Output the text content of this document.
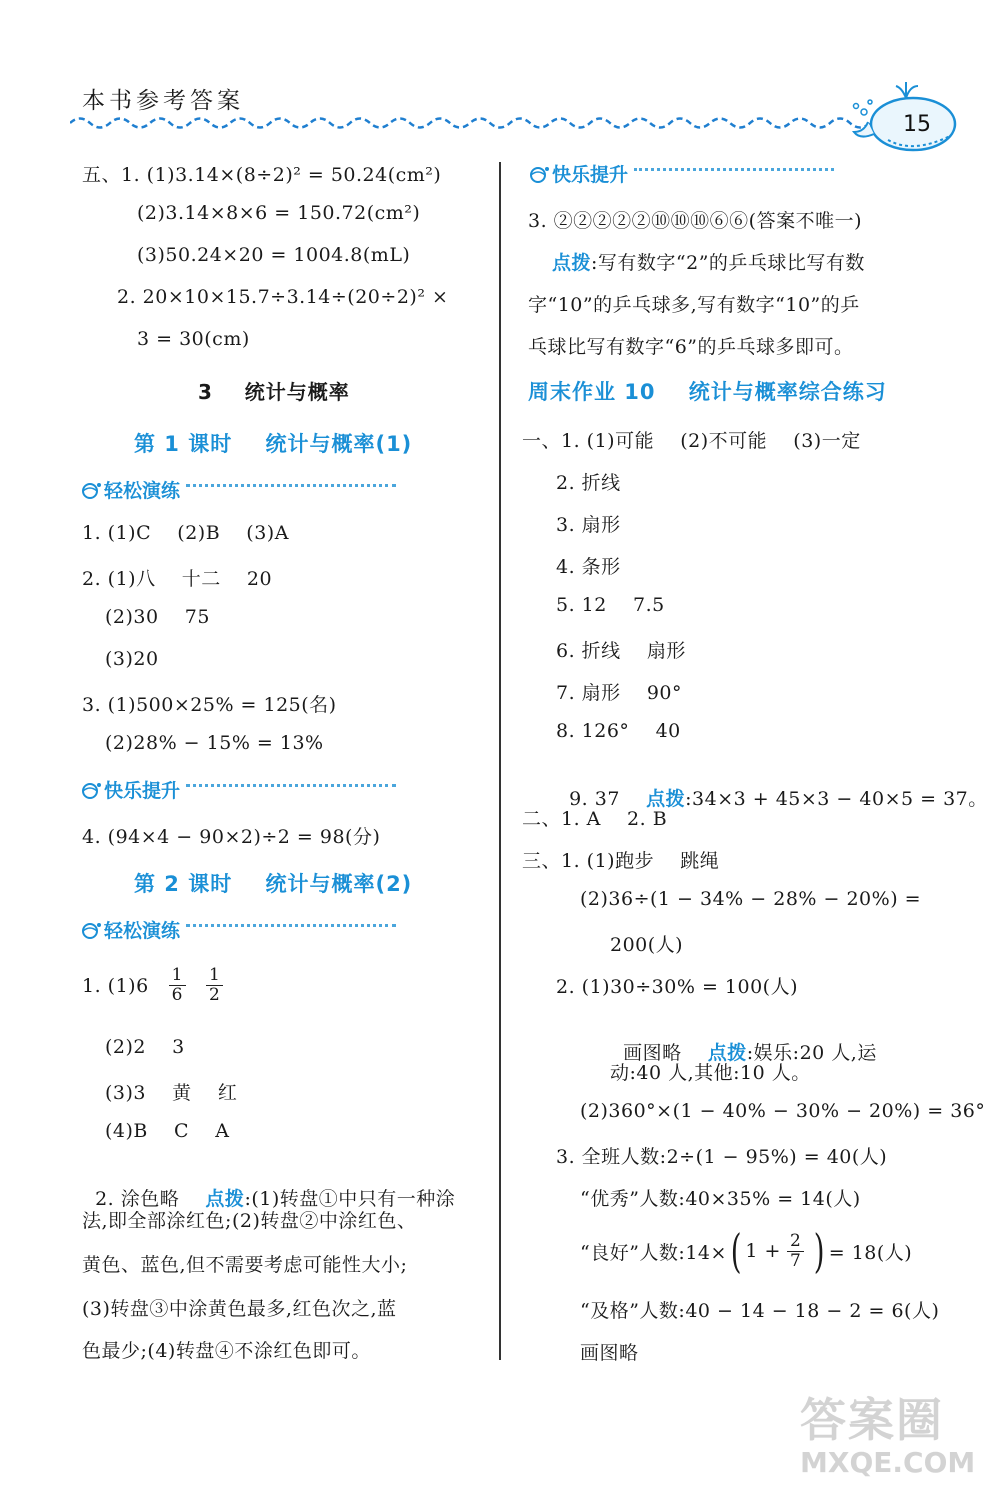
本书参考答案
15
五、1. (1)3.14×(8÷2)² = 50.24(cm²)
(2)3.14×8×6 = 150.72(cm²)
(3)50.24×20 = 1004.8(mL)
2. 20×10×15.7÷3.14÷(20÷2)² ×
3 = 30(cm)
3    统计与概率
第 1 课时    统计与概率(1)
轻松演练
1. (1)C    (2)B    (3)A
2. (1)八    十二    20
(2)30    75
(3)20
3. (1)500×25% = 125(名)
(2)28% − 15% = 13%
快乐提升
4. (94×4 − 90×2)÷2 = 98(分)
第 2 课时    统计与概率(2)
轻松演练
1. $(1)6 \frac{1}{6} \frac{1}{2}$
(2)2    3
(3)3    黄    红
(4)B    C    A

2. 涂色略    点拨:(1)转盘①中只有一种涂

法,即全部涂红色;(2)转盘②中涂红色、
黄色、蓝色,但不需要考虑可能性大小;
(3)转盘③中涂黄色最多,红色次之,蓝
色最少;(4)转盘④不涂红色即可。
快乐提升
3. ②②②②②⑩⑩⑩⑥⑥(答案不唯一)
点拨:写有数字“2”的乒乓球比写有数
字“10”的乒乓球多,写有数字“10”的乒
乓球比写有数字“6”的乒乓球多即可。
周末作业 10    统计与概率综合练习
一、1. (1)可能    (2)不可能    (3)一定
2. 折线
3. 扇形
4. 条形
5. 12    7.5
6. 折线    扇形
7. 扇形    90°
8. 126°    40

9. 37    点拨:34×3 + 45×3 − 40×5 = 37。

二、1. A    2. B
三、1. (1)跑步    跳绳
(2)36÷(1 − 34% − 28% − 20%) =
200(人)
2. (1)30÷30% = 100(人)

画图略    点拨:娱乐:20 人,运

动:40 人,其他:10 人。
(2)360°×(1 − 40% − 30% − 20%) = 36°
3. 全班人数:2÷(1 − 95%) = 40(人)
“优秀”人数:40×35% = 14(人)
“良好”人数:14× ( $1 + \frac{2}{7}$ ) = 18(人)
“及格”人数:40 − 14 − 18 − 2 = 6(人)
画图略
答案圈
MXQE.COM
